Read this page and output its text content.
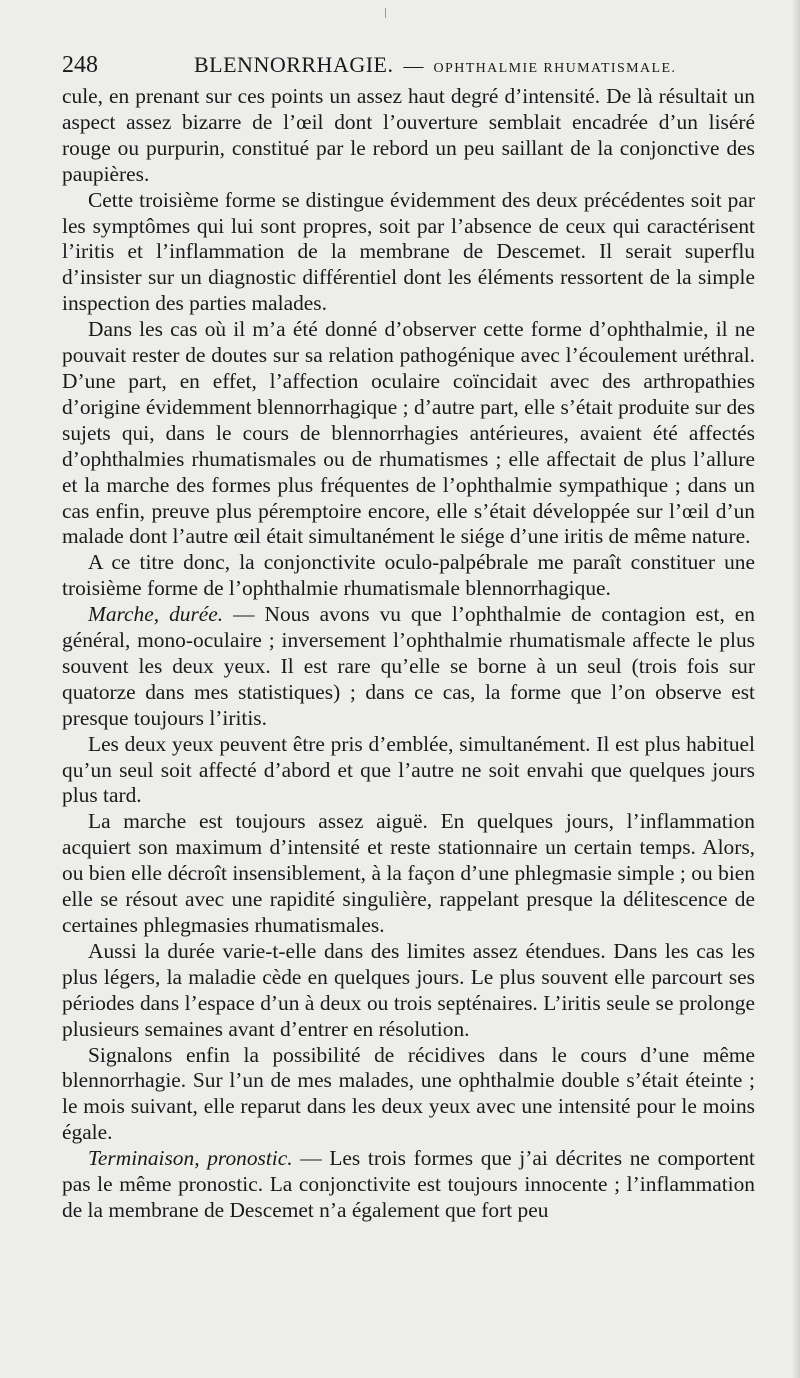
248	BLENNORRHAGIE. — OPHTHALMIE RHUMATISMALE.

cule, en prenant sur ces points un assez haut degré d’intensité. De là résultait un aspect assez bizarre de l’œil dont l’ouverture semblait encadrée d’un liséré rouge ou purpurin, constitué par le rebord un peu saillant de la conjonctive des paupières.

Cette troisième forme se distingue évidemment des deux précédentes soit par les symptômes qui lui sont propres, soit par l’absence de ceux qui caractérisent l’iritis et l’inflammation de la membrane de Descemet. Il serait superflu d’insister sur un diagnostic différentiel dont les éléments ressortent de la simple inspection des parties malades.

Dans les cas où il m’a été donné d’observer cette forme d’ophthalmie, il ne pouvait rester de doutes sur sa relation pathogénique avec l’écoulement uréthral. D’une part, en effet, l’affection oculaire coïncidait avec des arthropathies d’origine évidemment blennorrhagique ; d’autre part, elle s’était produite sur des sujets qui, dans le cours de blennorrhagies antérieures, avaient été affectés d’ophthalmies rhumatismales ou de rhumatismes ; elle affectait de plus l’allure et la marche des formes plus fréquentes de l’ophthalmie sympathique ; dans un cas enfin, preuve plus péremptoire encore, elle s’était développée sur l’œil d’un malade dont l’autre œil était simultanément le siége d’une iritis de même nature.

A ce titre donc, la conjonctivite oculo-palpébrale me paraît constituer une troisième forme de l’ophthalmie rhumatismale blennorrhagique.

Marche, durée. — Nous avons vu que l’ophthalmie de contagion est, en général, mono-oculaire ; inversement l’ophthalmie rhumatismale affecte le plus souvent les deux yeux. Il est rare qu’elle se borne à un seul (trois fois sur quatorze dans mes statistiques) ; dans ce cas, la forme que l’on observe est presque toujours l’iritis.

Les deux yeux peuvent être pris d’emblée, simultanément. Il est plus habituel qu’un seul soit affecté d’abord et que l’autre ne soit envahi que quelques jours plus tard.

La marche est toujours assez aiguë. En quelques jours, l’inflammation acquiert son maximum d’intensité et reste stationnaire un certain temps. Alors, ou bien elle décroît insensiblement, à la façon d’une phlegmasie simple ; ou bien elle se résout avec une rapidité singulière, rappelant presque la délitescence de certaines phlegmasies rhumatismales.

Aussi la durée varie-t-elle dans des limites assez étendues. Dans les cas les plus légers, la maladie cède en quelques jours. Le plus souvent elle parcourt ses périodes dans l’espace d’un à deux ou trois septénaires. L’iritis seule se prolonge plusieurs semaines avant d’entrer en résolution.

Signalons enfin la possibilité de récidives dans le cours d’une même blennorrhagie. Sur l’un de mes malades, une ophthalmie double s’était éteinte ; le mois suivant, elle reparut dans les deux yeux avec une intensité pour le moins égale.

Terminaison, pronostic. — Les trois formes que j’ai décrites ne comportent pas le même pronostic. La conjonctivite est toujours innocente ; l’inflammation de la membrane de Descemet n’a également que fort peu
